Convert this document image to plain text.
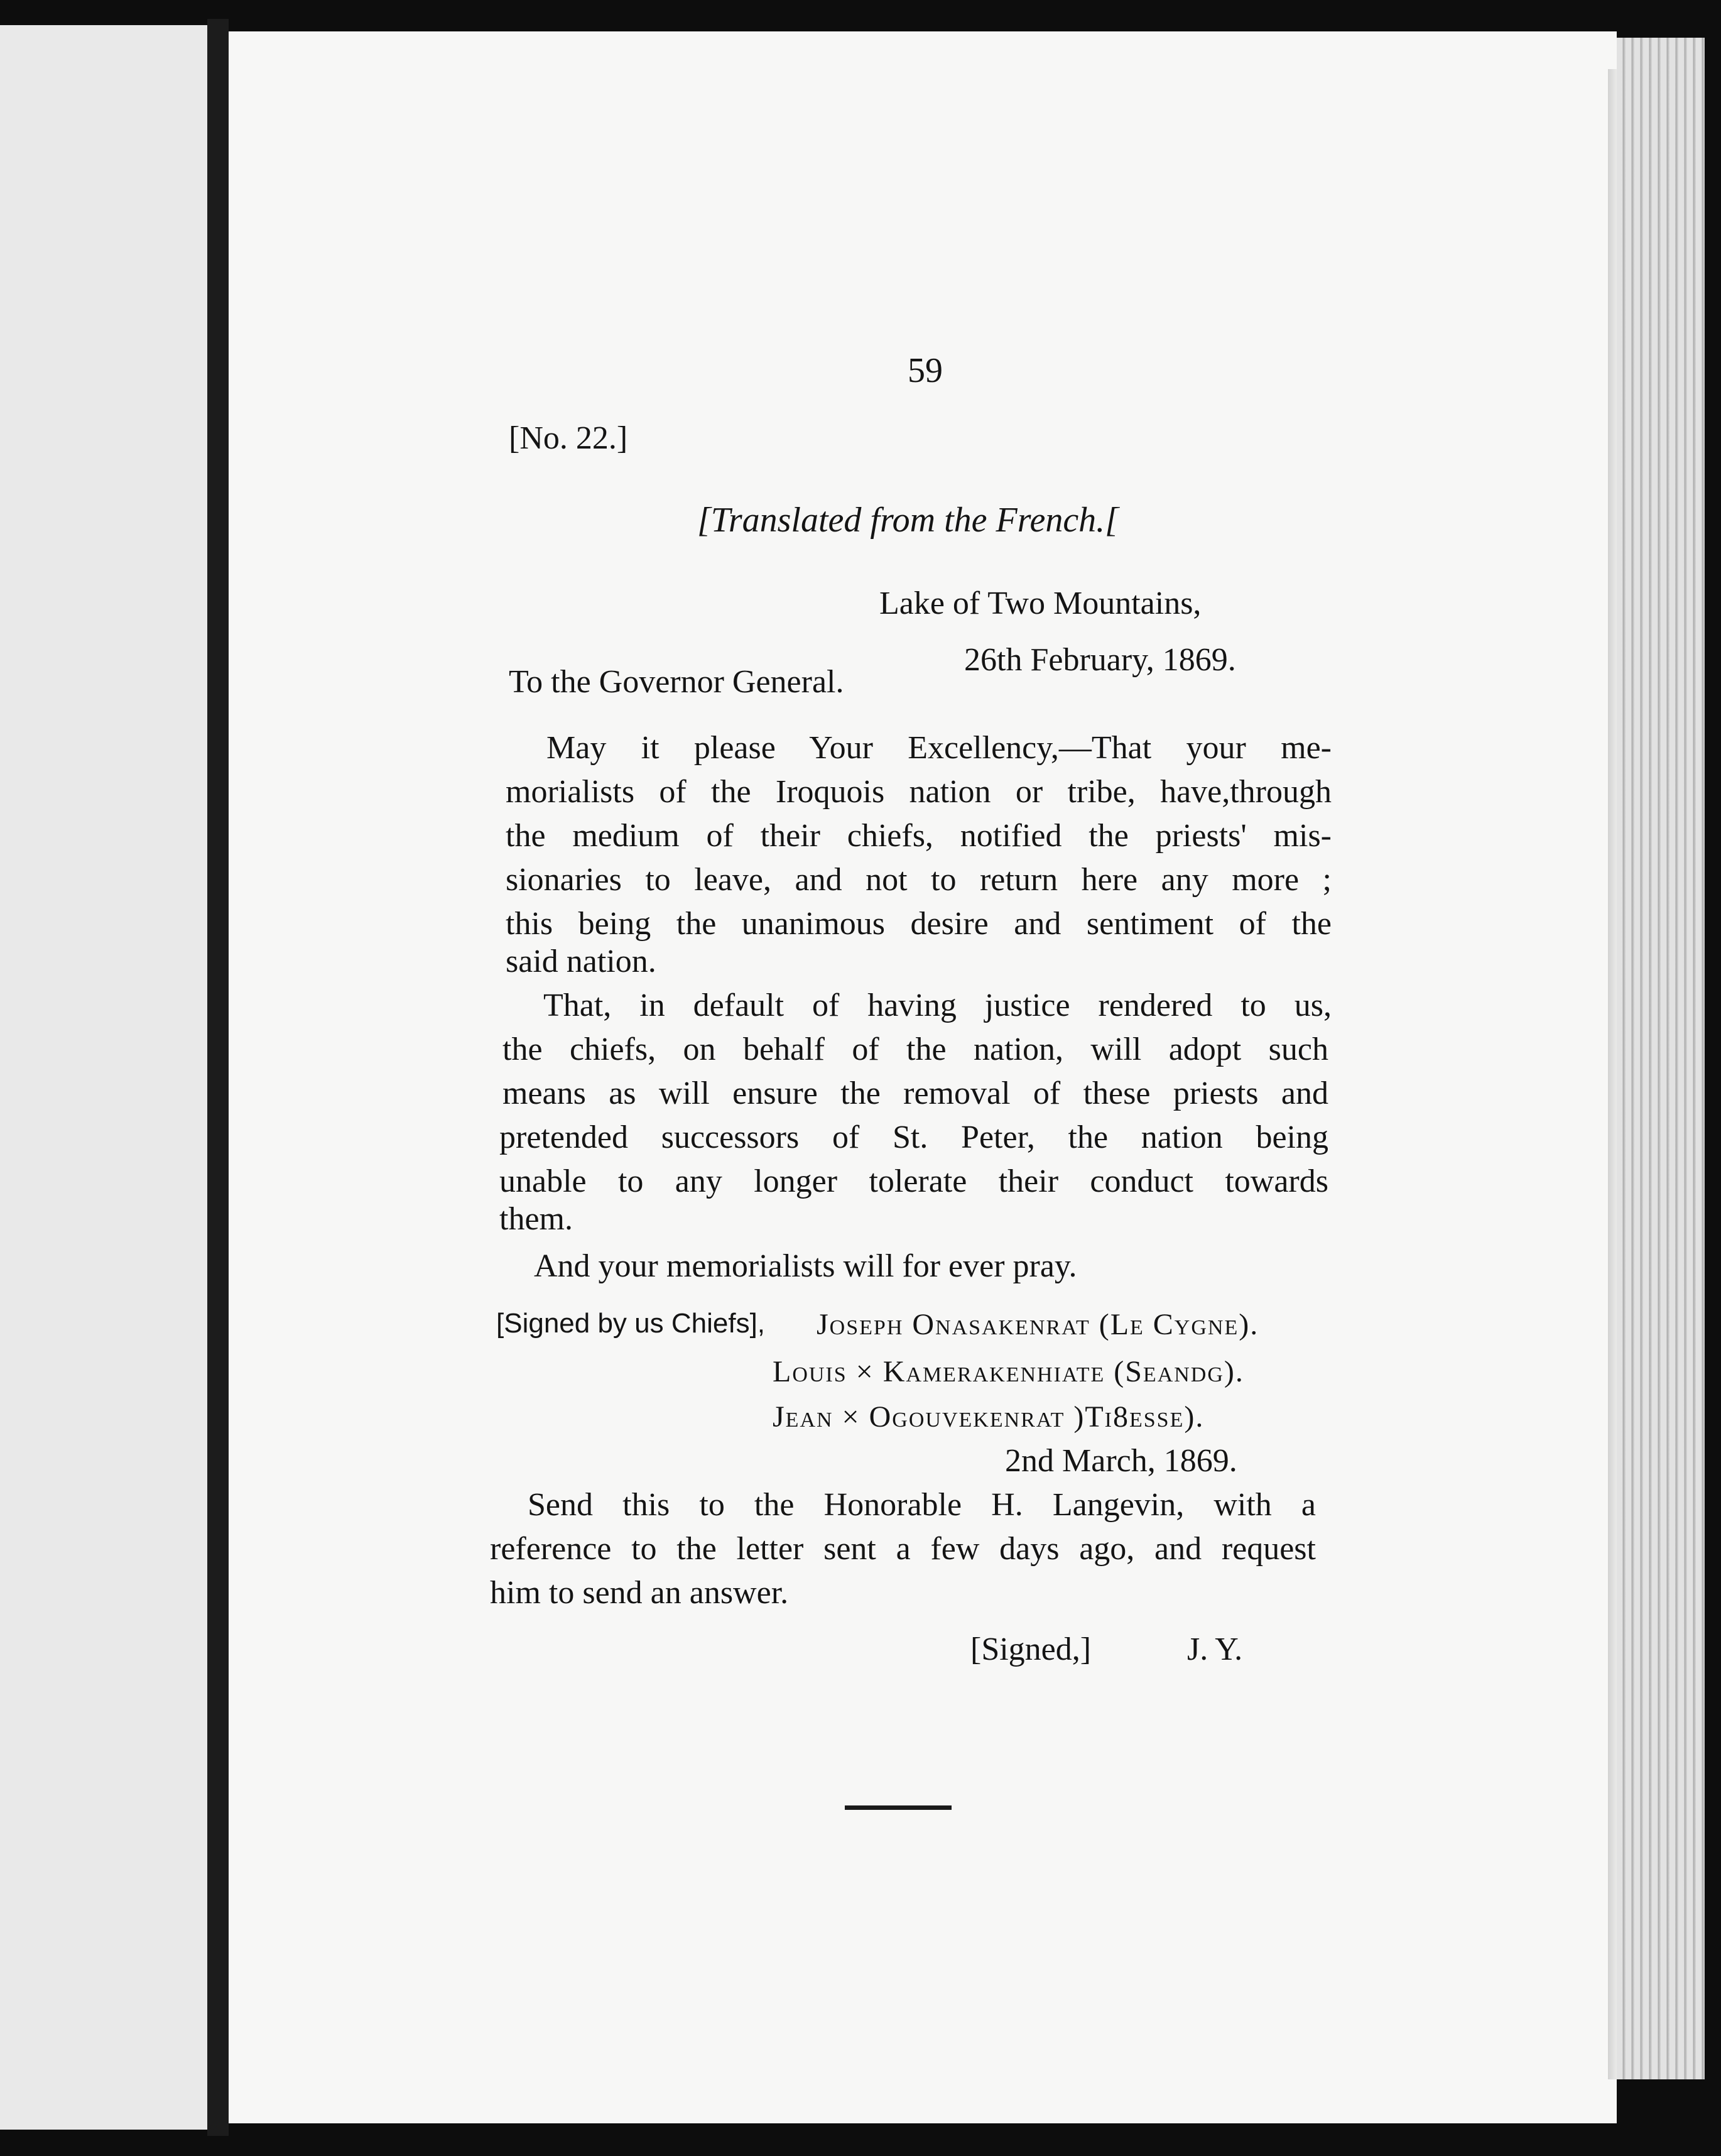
59
[No. 22.]
[Translated from the French.[
Lake of Two Mountains,
26th February, 1869.
To the Governor General.
May it please Your Excellency,—That your me-
morialists of the Iroquois nation or tribe, have,through
the medium of their chiefs, notified the priests' mis-
sionaries to leave, and not to return here any more ;
this being the unanimous desire and sentiment of the
said nation.
That, in default of having justice rendered to us,
the chiefs, on behalf of the nation, will adopt such
means as will ensure the removal of these priests and
pretended successors of St. Peter, the nation being
unable to any longer tolerate their conduct towards
them.
And your memorialists will for ever pray.
[Signed by us Chiefs], Joseph Onasakenrat (Le Cygne).
Louis × Kamerakenhiate (Seandg).
Jean × Ogouvekenrat )Ti8esse).
2nd March, 1869.
Send this to the Honorable H. Langevin, with a
reference to the letter sent a few days ago, and request
him to send an answer.
[Signed,]	J. Y.
